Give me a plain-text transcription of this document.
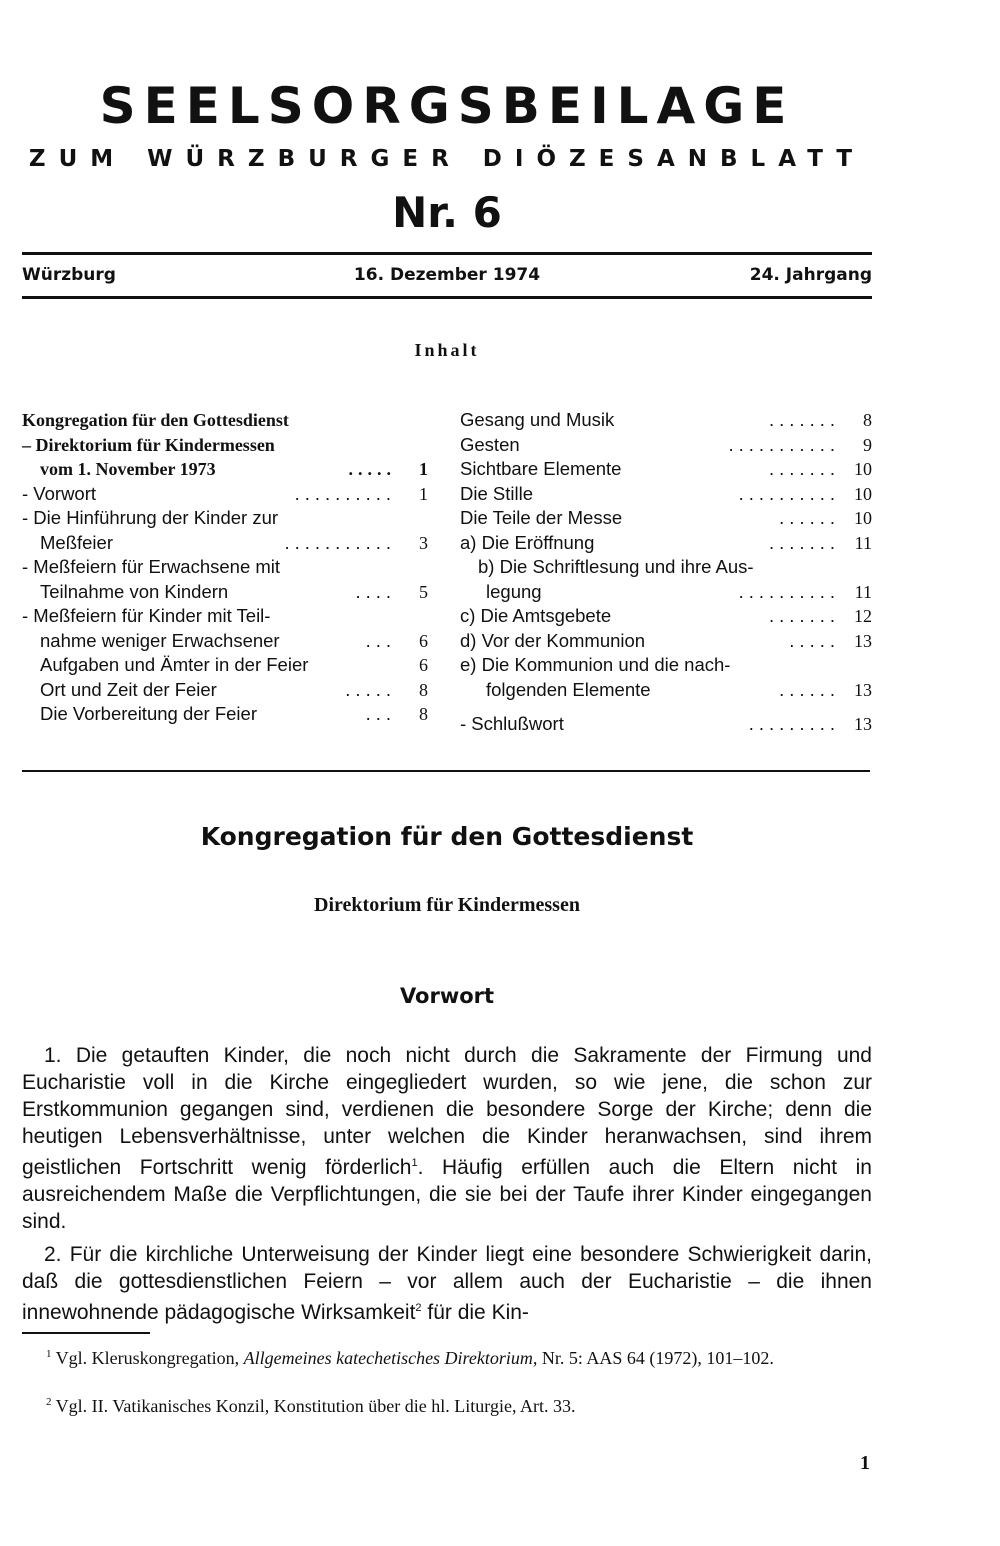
SEELSORGSBEILAGE
ZUM WÜRZBURGER DIÖZESANBLATT
Nr. 6
Würzburg	16. Dezember 1974	24. Jahrgang
Inhalt
Kongregation für den Gottesdienst
– Direktorium für Kindermessen
vom 1. November 1973	..... 1
- Vorwort	.......... 1
- Die Hinführung der Kinder zur
Meßfeier	........... 3
- Meßfeiern für Erwachsene mit
Teilnahme von Kindern	.... 5
- Meßfeiern für Kinder mit Teil-
nahme weniger Erwachsener	... 6
Aufgaben und Ämter in der Feier	6
Ort und Zeit der Feier	..... 8
Die Vorbereitung der Feier	... 8
Gesang und Musik	....... 8
Gesten	........... 9
Sichtbare Elemente	....... 10
Die Stille	.......... 10
Die Teile der Messe	...... 10
a) Die Eröffnung	....... 11
b) Die Schriftlesung und ihre Aus-
legung	.......... 11
c) Die Amtsgebete	....... 12
d) Vor der Kommunion	..... 13
e) Die Kommunion und die nach-
folgenden Elemente	...... 13
- Schlußwort	......... 13
Kongregation für den Gottesdienst
Direktorium für Kindermessen
Vorwort

1. Die getauften Kinder, die noch nicht durch die Sakramente der Firmung und Eucharistie voll in die Kirche eingegliedert wurden, so wie jene, die schon zur Erstkommunion gegangen sind, verdienen die besondere Sorge der Kirche; denn die heutigen Lebensverhältnisse, unter welchen die Kinder heranwachsen, sind ihrem geistlichen Fortschritt wenig förderlich$^1$. Häufig erfüllen auch die Eltern nicht in ausreichendem Maße die Verpflichtungen, die sie bei der Taufe ihrer Kinder eingegangen sind.

2. Für die kirchliche Unterweisung der Kinder liegt eine besondere Schwierigkeit darin, daß die gottesdienstlichen Feiern – vor allem auch der Eucharistie – die ihnen innewohnende pädagogische Wirksamkeit$^2$ für die Kin-

$^1$ Vgl. Kleruskongregation, Allgemeines katechetisches Direktorium, Nr. 5: AAS 64 (1972), 101–102.
$^2$ Vgl. II. Vatikanisches Konzil, Konstitution über die hl. Liturgie, Art. 33.
1
